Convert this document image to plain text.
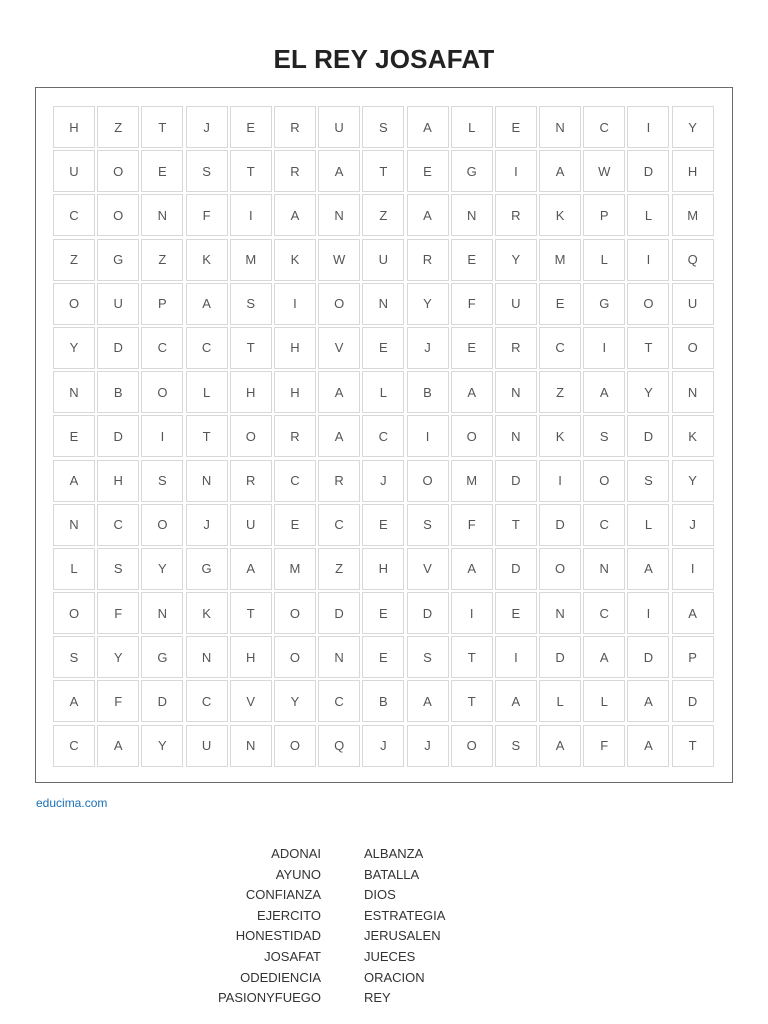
EL REY JOSAFAT
H	Z	T	J	E	R	U	S	A	L	E	N	C	I	Y
U	O	E	S	T	R	A	T	E	G	I	A	W	D	H
C	O	N	F	I	A	N	Z	A	N	R	K	P	L	M
Z	G	Z	K	M	K	W	U	R	E	Y	M	L	I	Q
O	U	P	A	S	I	O	N	Y	F	U	E	G	O	U
Y	D	C	C	T	H	V	E	J	E	R	C	I	T	O
N	B	O	L	H	H	A	L	B	A	N	Z	A	Y	N
E	D	I	T	O	R	A	C	I	O	N	K	S	D	K
A	H	S	N	R	C	R	J	O	M	D	I	O	S	Y
N	C	O	J	U	E	C	E	S	F	T	D	C	L	J
L	S	Y	G	A	M	Z	H	V	A	D	O	N	A	I
O	F	N	K	T	O	D	E	D	I	E	N	C	I	A
S	Y	G	N	H	O	N	E	S	T	I	D	A	D	P
A	F	D	C	V	Y	C	B	A	T	A	L	L	A	D
C	A	Y	U	N	O	Q	J	J	O	S	A	F	A	T
educima.com
ADONAI
AYUNO
CONFIANZA
EJERCITO
HONESTIDAD
JOSAFAT
ODEDIENCIA
PASIONYFUEGO
ALBANZA
BATALLA
DIOS
ESTRATEGIA
JERUSALEN
JUECES
ORACION
REY
